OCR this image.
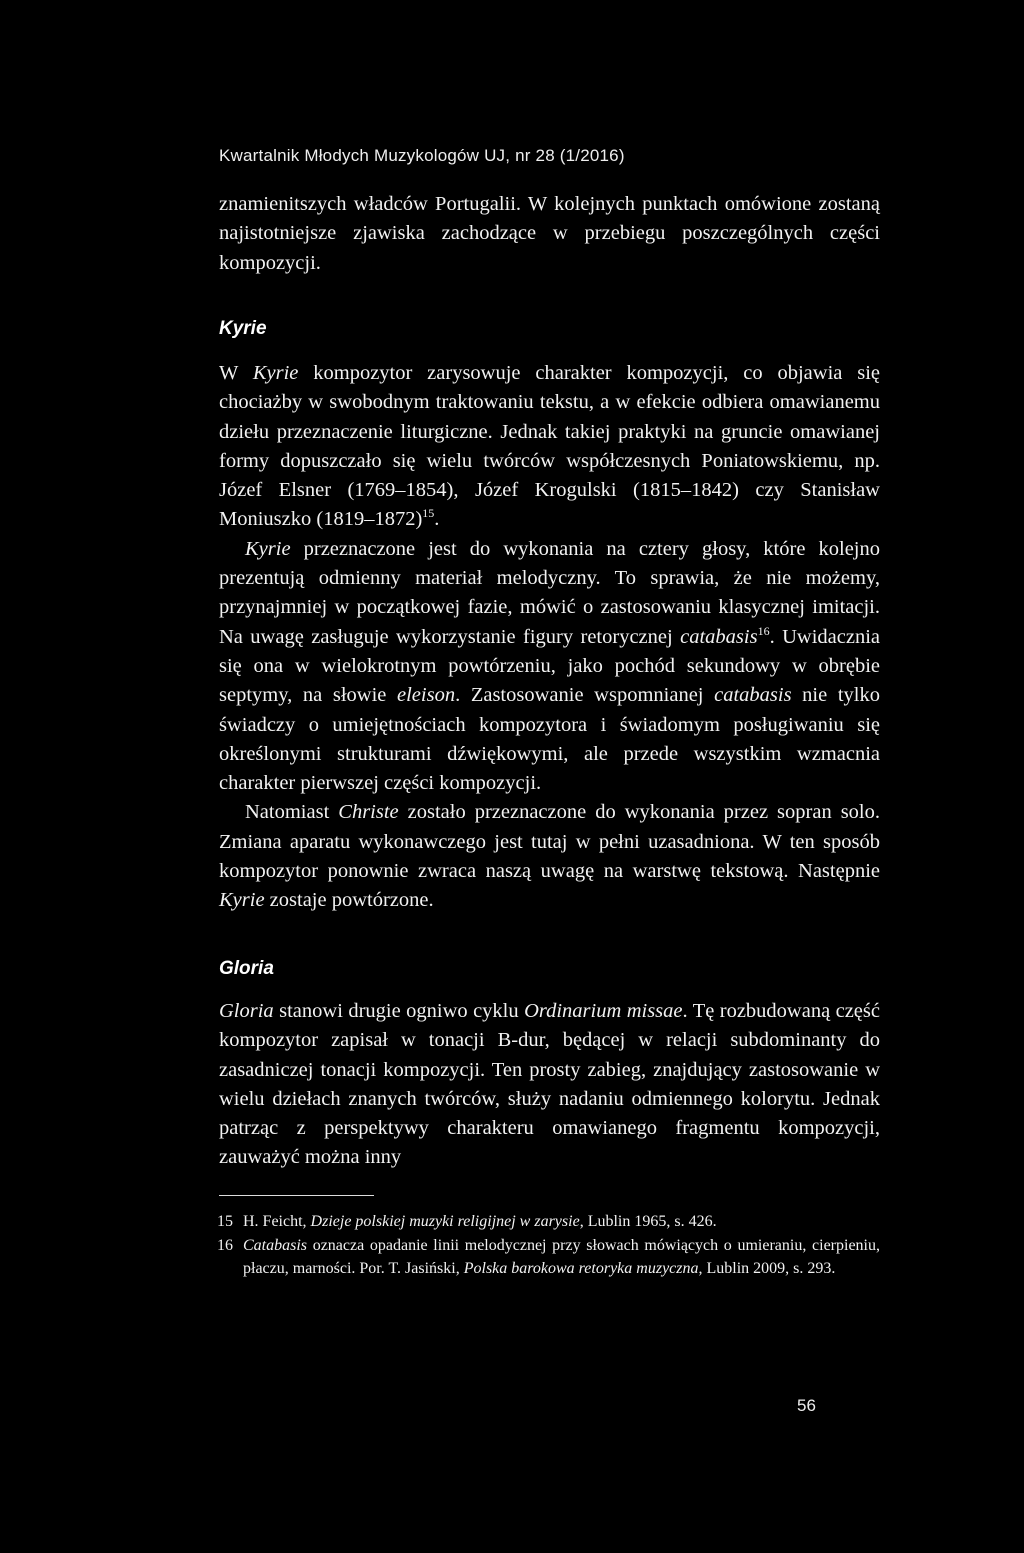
Kwartalnik Młodych Muzykologów UJ, nr 28 (1/2016)

znamienitszych władców Portugalii. W kolejnych punktach omówione zostaną najistotniejsze zjawiska zachodzące w przebiegu poszczególnych części kompozycji.

Kyrie

W Kyrie kompozytor zarysowuje charakter kompozycji, co objawia się chociażby w swobodnym traktowaniu tekstu, a w efekcie odbiera omawianemu dziełu przeznaczenie liturgiczne. Jednak takiej praktyki na gruncie omawianej formy dopuszczało się wielu twórców współczesnych Poniatowskiemu, np. Józef Elsner (1769–1854), Józef Krogulski (1815–1842) czy Stanisław Moniuszko (1819–1872)$^{15}$.

Kyrie przeznaczone jest do wykonania na cztery głosy, które kolejno prezentują odmienny materiał melodyczny. To sprawia, że nie możemy, przynajmniej w początkowej fazie, mówić o zastosowaniu klasycznej imitacji. Na uwagę zasługuje wykorzystanie figury retorycznej catabasis$^{16}$. Uwidacznia się ona w wielokrotnym powtórzeniu, jako pochód sekundowy w obrębie septymy, na słowie eleison. Zastosowanie wspomnianej catabasis nie tylko świadczy o umiejętnościach kompozytora i świadomym posługiwaniu się określonymi strukturami dźwiękowymi, ale przede wszystkim wzmacnia charakter pierwszej części kompozycji.

Natomiast Christe zostało przeznaczone do wykonania przez sopran solo. Zmiana aparatu wykonawczego jest tutaj w pełni uzasadniona. W ten sposób kompozytor ponownie zwraca naszą uwagę na warstwę tekstową. Następnie Kyrie zostaje powtórzone.

Gloria

Gloria stanowi drugie ogniwo cyklu Ordinarium missae. Tę rozbudowaną część kompozytor zapisał w tonacji B-dur, będącej w relacji subdominanty do zasadniczej tonacji kompozycji. Ten prosty zabieg, znajdujący zastosowanie w wielu dziełach znanych twórców, służy nadaniu odmiennego kolorytu. Jednak patrząc z perspektywy charakteru omawianego fragmentu kompozycji, zauważyć można inny

15 H. Feicht, Dzieje polskiej muzyki religijnej w zarysie, Lublin 1965, s. 426.

16 Catabasis oznacza opadanie linii melodycznej przy słowach mówiących o umieraniu, cierpieniu, płaczu, marności. Por. T. Jasiński, Polska barokowa retoryka muzyczna, Lublin 2009, s. 293.

56
